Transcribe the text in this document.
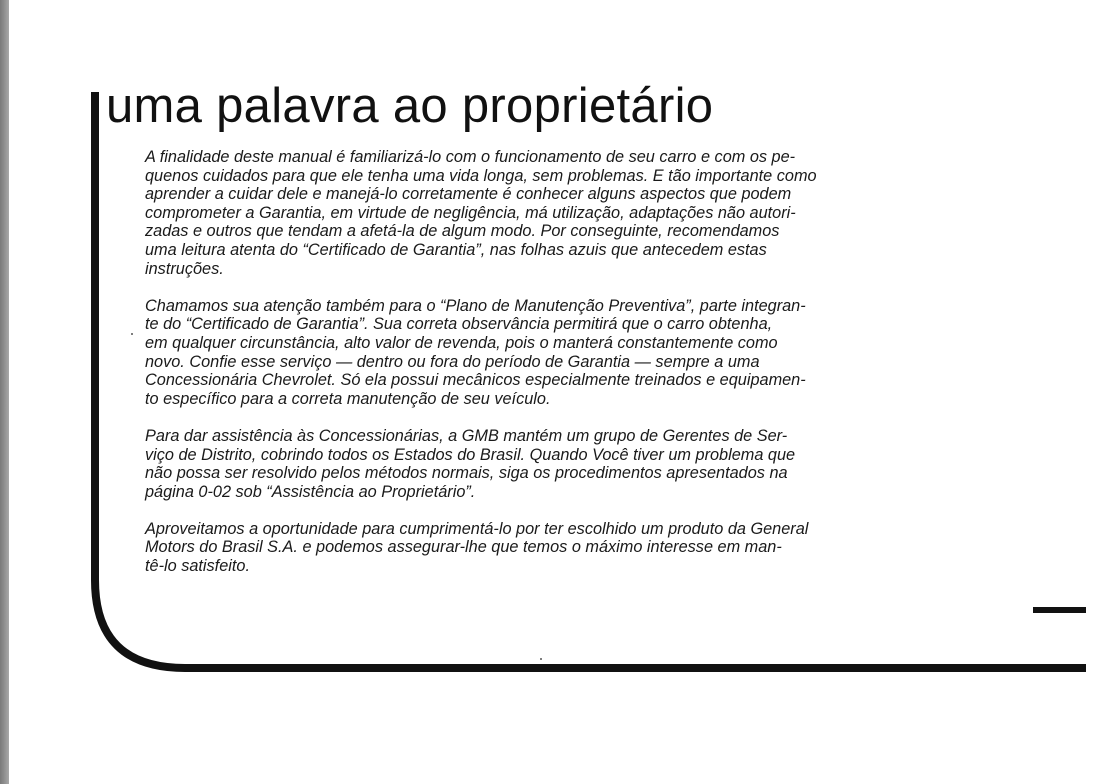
uma palavra ao proprietário

A finalidade deste manual é familiarizá-lo com o funcionamento de seu carro e com os pe-
quenos cuidados para que ele tenha uma vida longa, sem problemas. E tão importante como
aprender a cuidar dele e manejá-lo corretamente é conhecer alguns aspectos que podem
comprometer a Garantia, em virtude de negligência, má utilização, adaptações não autori-
zadas e outros que tendam a afetá-la de algum modo. Por conseguinte, recomendamos
uma leitura atenta do “Certificado de Garantia”, nas folhas azuis que antecedem estas
instruções.

Chamamos sua atenção também para o “Plano de Manutenção Preventiva”, parte integran-
te do “Certificado de Garantia”. Sua correta observância permitirá que o carro obtenha,
em qualquer circunstância, alto valor de revenda, pois o manterá constantemente como
novo. Confie esse serviço — dentro ou fora do período de Garantia — sempre a uma
Concessionária Chevrolet. Só ela possui mecânicos especialmente treinados e equipamen-
to específico para a correta manutenção de seu veículo.

Para dar assistência às Concessionárias, a GMB mantém um grupo de Gerentes de Ser-
viço de Distrito, cobrindo todos os Estados do Brasil. Quando Você tiver um problema que
não possa ser resolvido pelos métodos normais, siga os procedimentos apresentados na
página 0-02 sob “Assistência ao Proprietário”.

Aproveitamos a oportunidade para cumprimentá-lo por ter escolhido um produto da General
Motors do Brasil S.A. e podemos assegurar-lhe que temos o máximo interesse em man-
tê-lo satisfeito.
